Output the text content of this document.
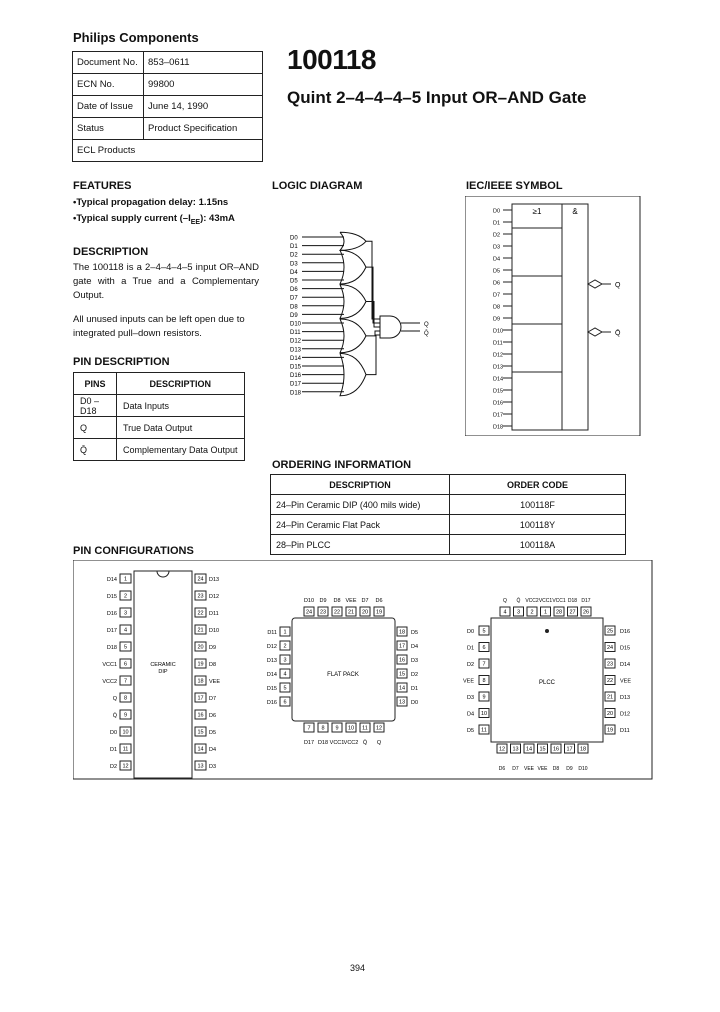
Philips Components
Document No.	853–0611
ECN No.	99800
Date of Issue	June 14, 1990
Status	Product Specification
ECL Products	
100118
Quint 2–4–4–4–5 Input OR–AND Gate
FEATURES
•Typical propagation delay: 1.15ns
•Typical supply current $(-I_{EE})$: 43mA
DESCRIPTION
The 100118 is a 2–4–4–4–5 input OR–AND gate with a True and a Complementary Output.
All unused inputs can be left open due to integrated pull–down resistors.
PIN DESCRIPTION
PINS	DESCRIPTION
D0 – D18	Data Inputs
Q	True Data Output
Q̄	Complementary Data Output
LOGIC DIAGRAM
D0
D1
D2
D3
D4
D5
D6
D7
D8
D9
D10
D11
D12
D13
D14
D15
D16
D17
D18
Q
Q̄
IEC/IEEE SYMBOL
≥1	&
D0
D1
D2
D3
D4
D5
D6
D7
D8
D9
D10
D11
D12
D13
D14
D15
D16
D17
D18
Q
Q̄
ORDERING INFORMATION
DESCRIPTION	ORDER CODE
24–Pin Ceramic DIP (400 mils wide)	100118F
24–Pin Ceramic Flat Pack	100118Y
28–Pin PLCC	100118A
PIN CONFIGURATIONS
CERAMIC
DIP
1
D14
2
D15
3
D16
4
D17
5
D18
6
VCC1
7
VCC2
8
Q
9
Q̄
10
D0
11
D1
12
D2
24 D13
23 D12
22 D11
21 D10
20 D9
19 D8
18 VEE
17 D7
16 D6
15 D5
14 D4
13 D3
FLAT PACK
24
D10
23
D9
22
D8
21
VEE
20
D7
19
D6
1
D11
2
D12
3
D13
4
D14
5
D15
6
D16
18 D5
17 D4
16 D3
15 D2
14 D1
13 D0
7
D17
8
D18
9
VCC1
10
VCC2
11
Q̄
12
Q
PLCC
4
Q
3
Q̄
2
VCC2
1
VCC1
28
VCC1
27
D18
26
D17
5
D0
6
D1
7
D2
8
VEE
9
D3
10
D4
11
D5
25 D16
24 D15
23 D14
22 VEE
21 D13
20 D12
19 D11
12
D6
13
D7
14
VEE
15
VEE
16
D8
17
D9
18
D10
394
